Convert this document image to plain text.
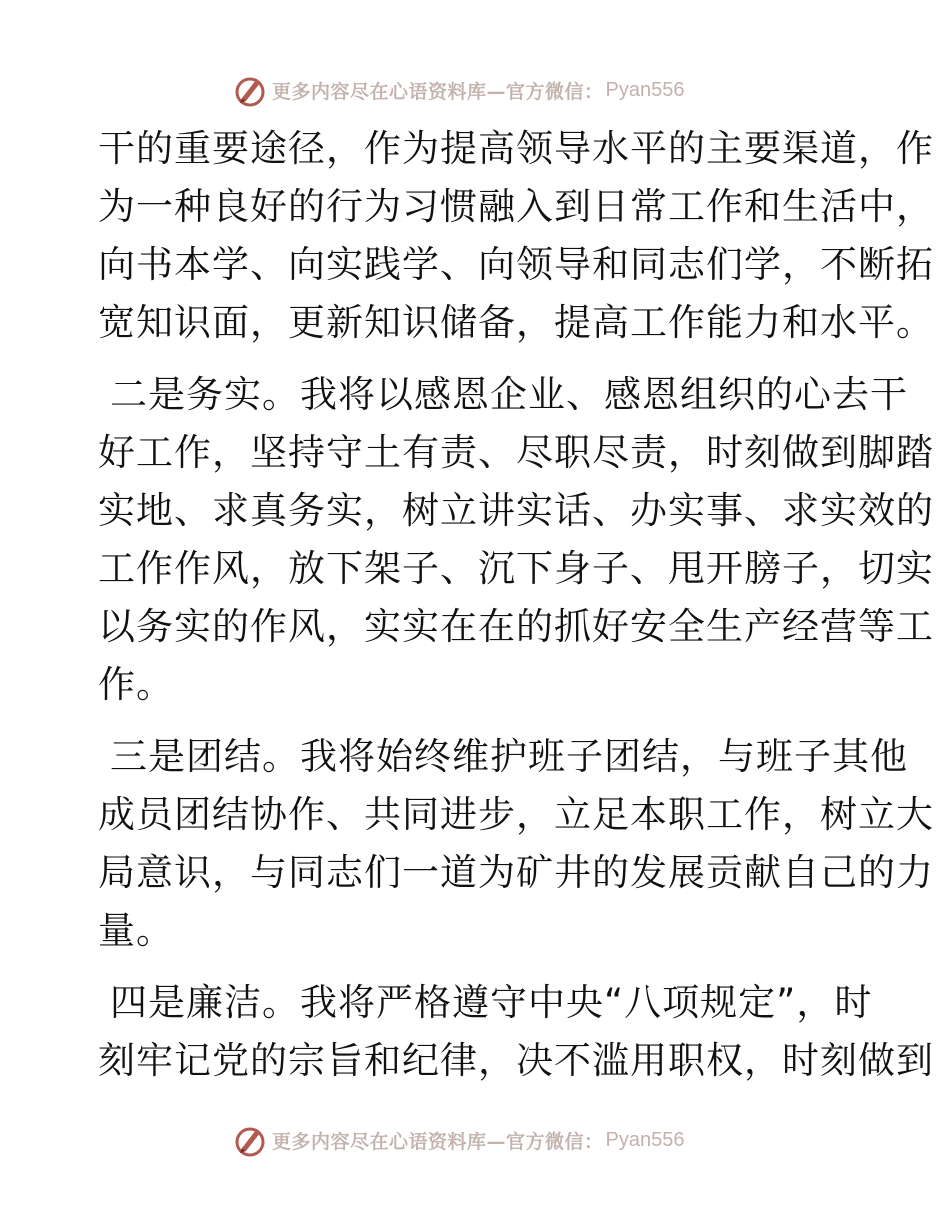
更多内容尽在心语资料库—官方微信： Pyan556
干的重要途径，作为提高领导水平的主要渠道，作
为一种良好的行为习惯融入到日常工作和生活中，
向书本学、向实践学、向领导和同志们学，不断拓
宽知识面，更新知识储备，提高工作能力和水平。
二是务实。我将以感恩企业、感恩组织的心去干
好工作，坚持守土有责、尽职尽责，时刻做到脚踏
实地、求真务实，树立讲实话、办实事、求实效的
工作作风，放下架子、沉下身子、甩开膀子，切实
以务实的作风，实实在在的抓好安全生产经营等工
作。
三是团结。我将始终维护班子团结，与班子其他
成员团结协作、共同进步，立足本职工作，树立大
局意识，与同志们一道为矿井的发展贡献自己的力
量。
四是廉洁。我将严格遵守中央“八项规定”，时
刻牢记党的宗旨和纪律，决不滥用职权，时刻做到
更多内容尽在心语资料库—官方微信： Pyan556
